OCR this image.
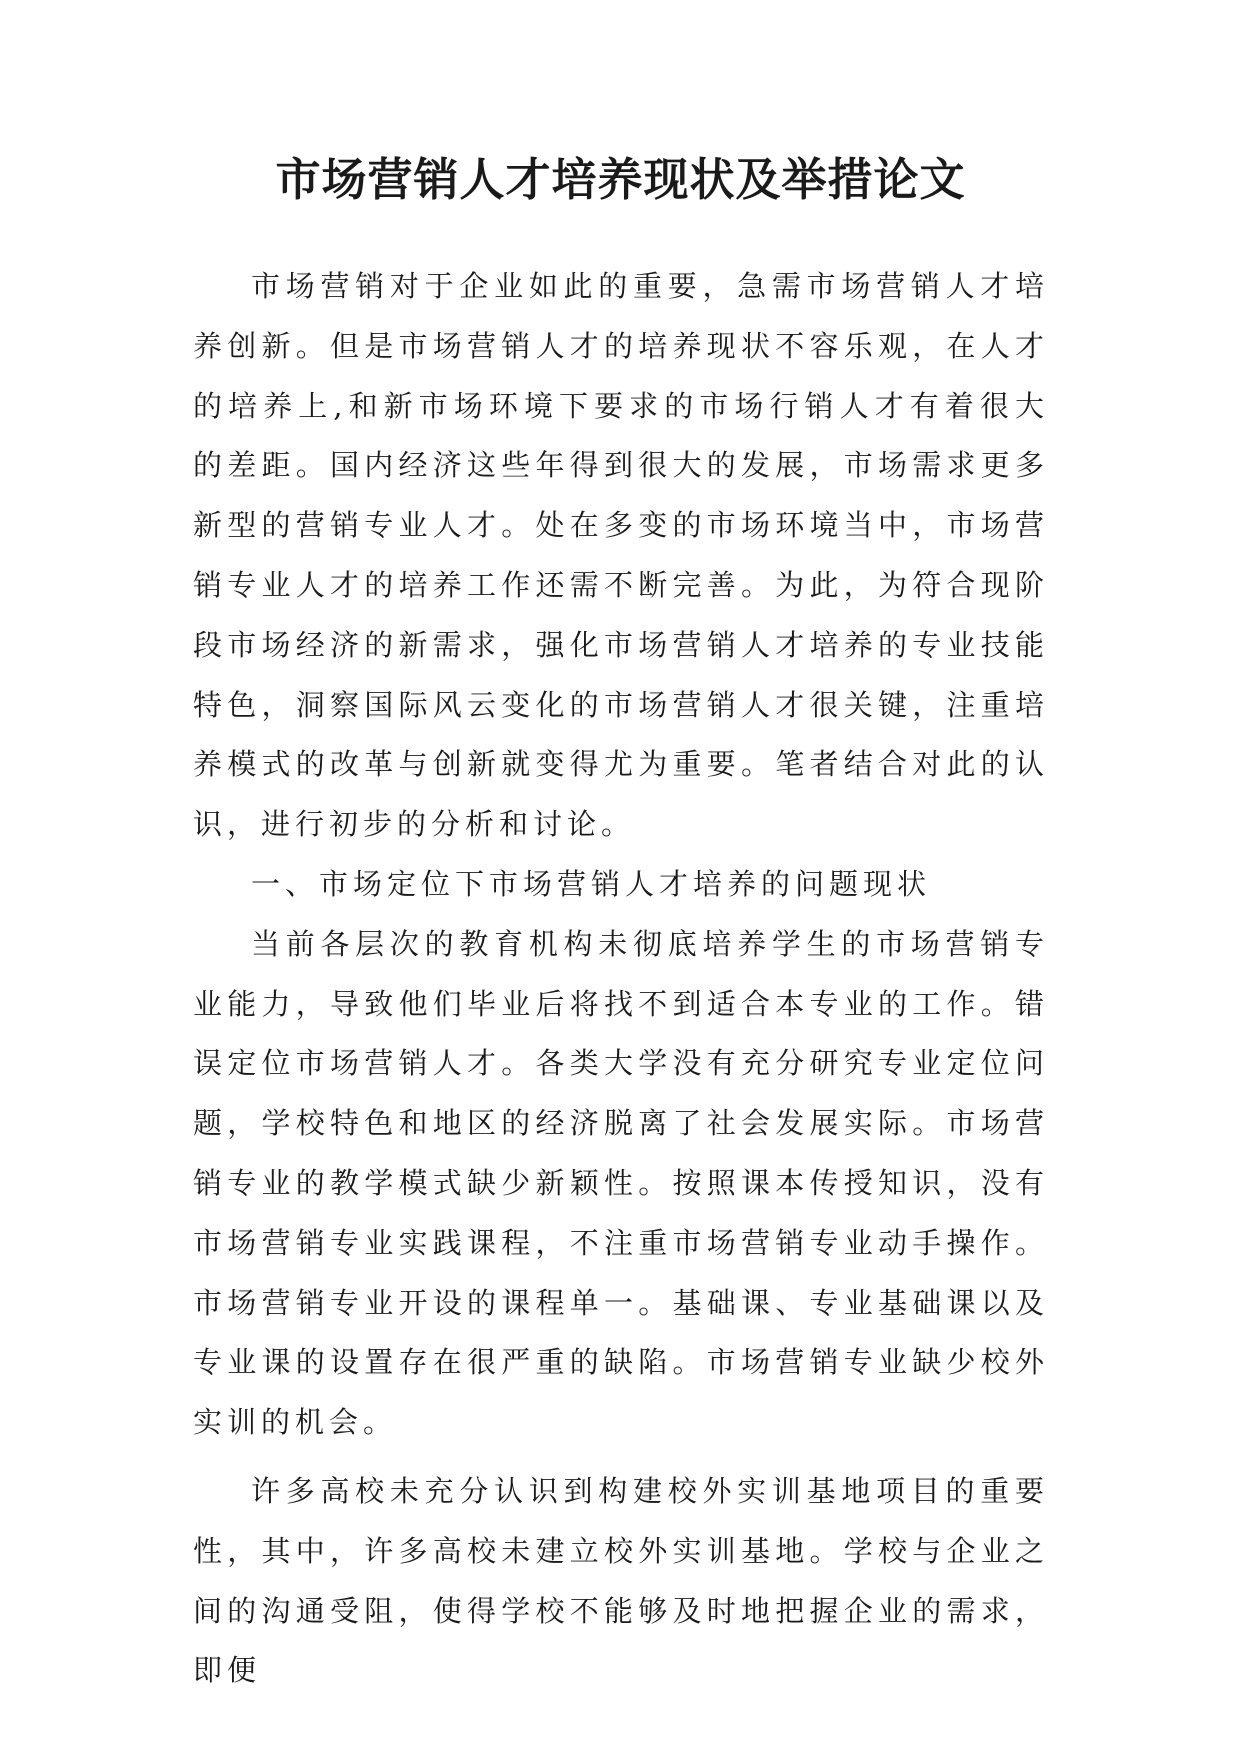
市场营销人才培养现状及举措论文

市场营销对于企业如此的重要，急需市场营销人才培养创新。但是市场营销人才的培养现状不容乐观，在人才的培养上,和新市场环境下要求的市场行销人才有着很大的差距。国内经济这些年得到很大的发展，市场需求更多新型的营销专业人才。处在多变的市场环境当中，市场营销专业人才的培养工作还需不断完善。为此，为符合现阶段市场经济的新需求，强化市场营销人才培养的专业技能特色，洞察国际风云变化的市场营销人才很关键，注重培养模式的改革与创新就变得尤为重要。笔者结合对此的认识，进行初步的分析和讨论。

一、市场定位下市场营销人才培养的问题现状

当前各层次的教育机构未彻底培养学生的市场营销专业能力，导致他们毕业后将找不到适合本专业的工作。错误定位市场营销人才。各类大学没有充分研究专业定位问题，学校特色和地区的经济脱离了社会发展实际。市场营销专业的教学模式缺少新颖性。按照课本传授知识，没有市场营销专业实践课程，不注重市场营销专业动手操作。市场营销专业开设的课程单一。基础课、专业基础课以及专业课的设置存在很严重的缺陷。市场营销专业缺少校外实训的机会。

许多高校未充分认识到构建校外实训基地项目的重要性，其中，许多高校未建立校外实训基地。学校与企业之间的沟通受阻，使得学校不能够及时地把握企业的需求，即便
